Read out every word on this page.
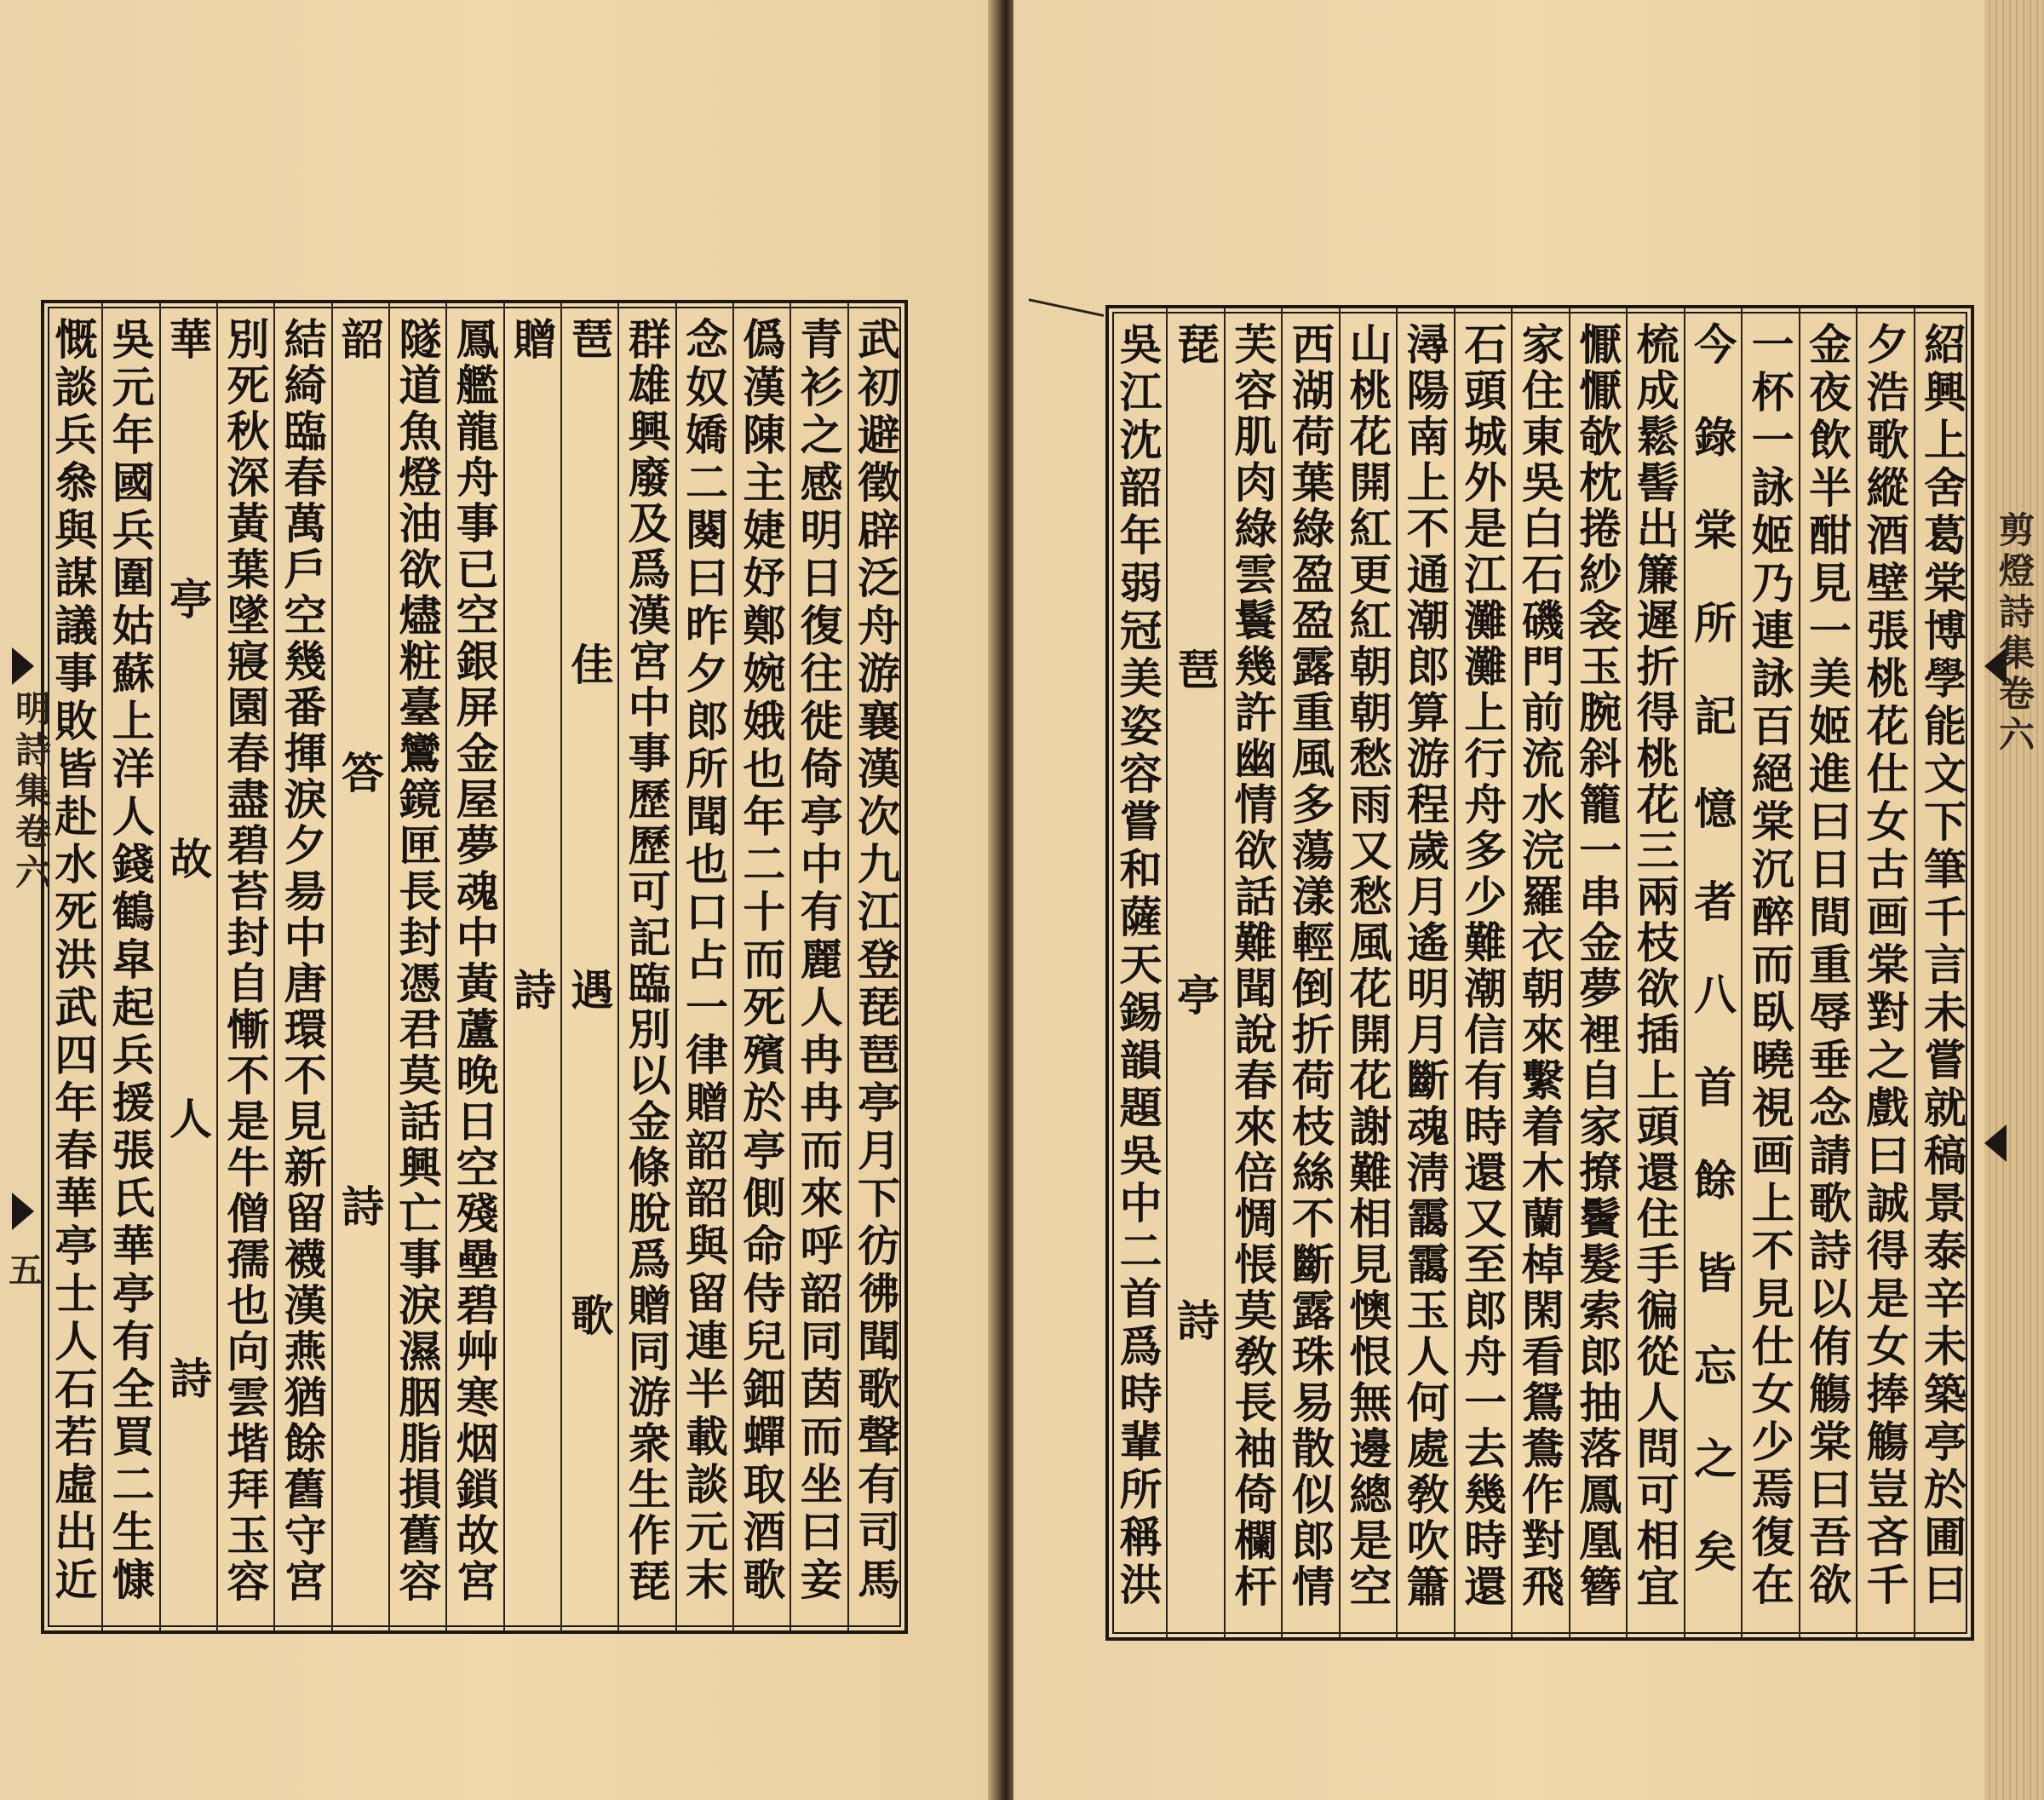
武初避徵辟泛舟游襄漢次九江登琵琶亭月下彷彿聞歌聲有司馬
青衫之感明日復往徙倚亭中有麗人冉冉而來呼韶同茵而坐曰妾
僞漢陳主婕妤鄭婉娥也年二十而死殯於亭側命侍兒鈿蟬取酒歌
念奴嬌二闋曰昨夕郎所聞也口占一律贈韶韶與留連半載談元末
群雄興廢及爲漢宮中事歷歷可記臨別以金條脫爲贈同游衆生作琵
琶佳遇歌
贈詩
鳳艦龍舟事已空銀屏金屋夢魂中黃蘆晚日空殘壘碧艸寒烟鎖故宮
隧道魚燈油欲燼粧臺鸞鏡匣長封憑君莫話興亡事淚濕胭脂損舊容
韶答詩
結綺臨春萬戶空幾番揮淚夕昜中唐環不見新留襪漢燕猶餘舊守宮
別死秋深黃葉墜寢園春盡碧苔封自慚不是牛僧孺也向雲堦拜玉容
華亭故人詩
吳元年國兵圍姑蘇上洋人錢鶴皐起兵援張氏華亭有全買二生慷
慨談兵叅與謀議事敗皆赴水死洪武四年春華亭士人石若虛出近	紹興上舍葛棠博學能文下筆千言未嘗就稿景泰辛未築亭於圃曰
夕浩歌縱酒壁張桃花仕女古画棠對之戲曰誠得是女捧觴豈吝千
金夜飲半酣見一美姬進曰日間重辱垂念請歌詩以侑觴棠曰吾欲
一杯一詠姬乃連詠百絕棠沉醉而臥曉視画上不見仕女少焉復在
今錄棠所記憶者八首餘皆忘之矣
梳成鬆髻出簾遲折得桃花三兩枝欲插上頭還住手徧從人問可相宜
懨懨欹枕捲紗衾玉腕斜籠一串金夢裡自家撩鬢髮索郎抽落鳳凰簪
家住東吳白石磯門前流水浣羅衣朝來繫着木蘭棹閑看鴛鴦作對飛
石頭城外是江灘灘上行舟多少難潮信有時還又至郎舟一去幾時還
潯陽南上不通潮郎算游程歲月遙明月斷魂淸靄靄玉人何處敎吹簫
山桃花開紅更紅朝朝愁雨又愁風花開花謝難相見懊恨無邊總是空
西湖荷葉綠盈盈露重風多蕩漾輕倒折荷枝絲不斷露珠易散似郎情
芙容肌肉綠雲鬟幾許幽情欲話難聞說春來倍惆悵莫敎長袖倚欄杆
琵琶亭詩
吳江沈韶年弱冠美姿容嘗和薩天錫韻題吳中二首爲時輩所稱洪
明詩集卷六
五
剪燈詩集卷六
